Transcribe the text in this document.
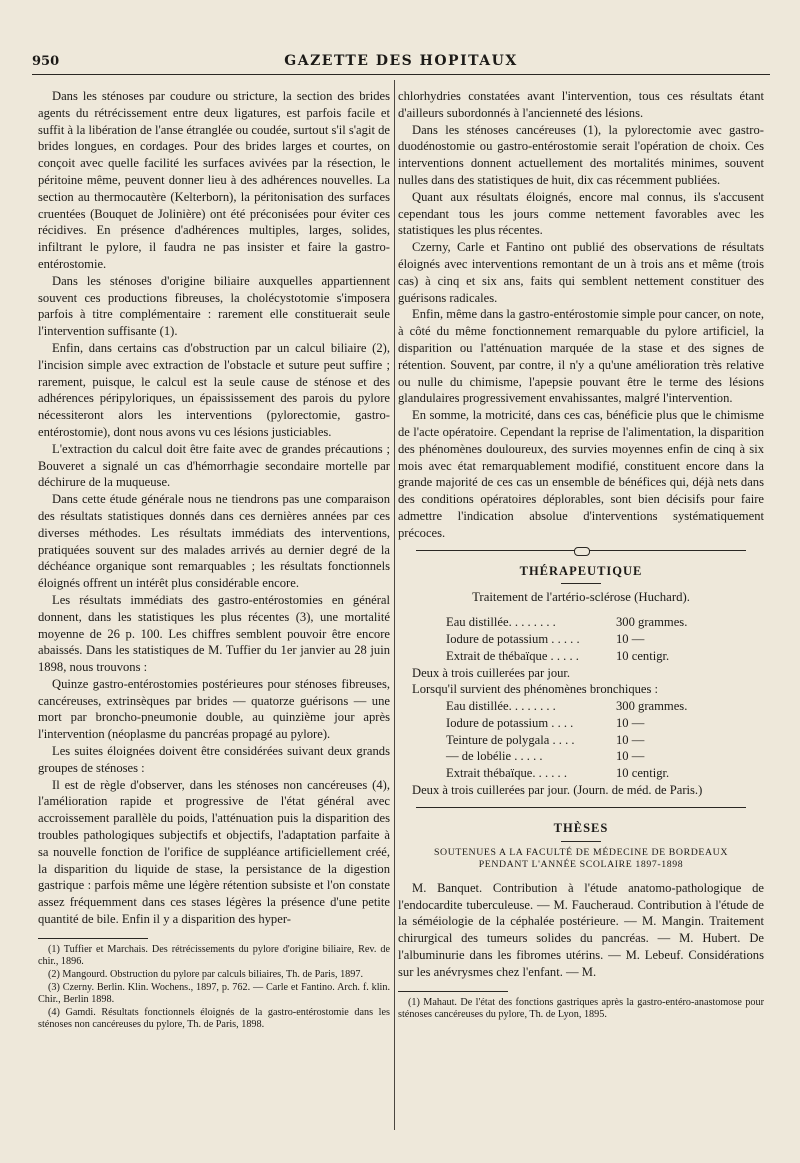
950	GAZETTE DES HOPITAUX

Dans les sténoses par coudure ou stricture, la section des brides agents du rétrécissement entre deux ligatures, est parfois facile et suffit à la libération de l'anse étranglée ou coudée, surtout s'il s'agit de brides longues, en cordages. Pour des brides larges et courtes, on conçoit avec quelle facilité les surfaces avivées par la résection, le péritoine même, peuvent donner lieu à des adhérences nouvelles. La section au thermocautère (Kelterborn), la péritonisation des surfaces cruentées (Bouquet de Jolinière) ont été préconisées pour éviter ces récidives. En présence d'adhérences multiples, larges, solides, infiltrant le pylore, il faudra ne pas insister et faire la gastro-entérostomie.

Dans les sténoses d'origine biliaire auxquelles appartiennent souvent ces productions fibreuses, la cholécystotomie s'imposera parfois à titre complémentaire : rarement elle constituerait seule l'intervention suffisante (1).

Enfin, dans certains cas d'obstruction par un calcul biliaire (2), l'incision simple avec extraction de l'obstacle et suture peut suffire ; rarement, puisque, le calcul est la seule cause de sténose et des adhérences péripyloriques, un épaississement des parois du pylore nécessiteront alors les interventions (pylorectomie, gastro-entérostomie), dont nous avons vu ces lésions justiciables.

L'extraction du calcul doit être faite avec de grandes précautions ; Bouveret a signalé un cas d'hémorrhagie secondaire mortelle par déchirure de la muqueuse.

Dans cette étude générale nous ne tiendrons pas une comparaison des résultats statistiques donnés dans ces dernières années par ces diverses méthodes. Les résultats immédiats des interventions, pratiquées souvent sur des malades arrivés au dernier degré de la déchéance organique sont remarquables ; les résultats fonctionnels éloignés offrent un intérêt plus considérable encore.

Les résultats immédiats des gastro-entérostomies en général donnent, dans les statistiques les plus récentes (3), une mortalité moyenne de 26 p. 100. Les chiffres semblent pouvoir être encore abaissés. Dans les statistiques de M. Tuffier du 1er janvier au 28 juin 1898, nous trouvons :

Quinze gastro-entérostomies postérieures pour sténoses fibreuses, cancéreuses, extrinsèques par brides — quatorze guérisons — une mort par broncho-pneumonie double, au quinzième jour après l'intervention (néoplasme du pancréas propagé au pylore).

Les suites éloignées doivent être considérées suivant deux grands groupes de sténoses :

Il est de règle d'observer, dans les sténoses non cancéreuses (4), l'amélioration rapide et progressive de l'état général avec accroissement parallèle du poids, l'atténuation puis la disparition des troubles pathologiques subjectifs et objectifs, l'adaptation parfaite à sa nouvelle fonction de l'orifice de suppléance artificiellement créé, la disparition du liquide de stase, la persistance de la digestion gastrique : parfois même une légère rétention subsiste et l'on constate assez fréquemment dans ces stases légères la présence d'une petite quantité de bile. Enfin il y a disparition des hyper-

(1) Tuffier et Marchais. Des rétrécissements du pylore d'origine biliaire, Rev. de chir., 1896.

(2) Mangourd. Obstruction du pylore par calculs biliaires, Th. de Paris, 1897.

(3) Czerny. Berlin. Klin. Wochens., 1897, p. 762. — Carle et Fantino. Arch. f. klin. Chir., Berlin 1898.

(4) Gamdi. Résultats fonctionnels éloignés de la gastro-entérostomie dans les sténoses non cancéreuses du pylore, Th. de Paris, 1898.

chlorhydries constatées avant l'intervention, tous ces résultats étant d'ailleurs subordonnés à l'ancienneté des lésions.

Dans les sténoses cancéreuses (1), la pylorectomie avec gastro-duodénostomie ou gastro-entérostomie serait l'opération de choix. Ces interventions donnent actuellement des mortalités minimes, souvent nulles dans des statistiques de huit, dix cas récemment publiées.

Quant aux résultats éloignés, encore mal connus, ils s'accusent cependant tous les jours comme nettement favorables avec les statistiques les plus récentes.

Czerny, Carle et Fantino ont publié des observations de résultats éloignés avec interventions remontant de un à trois ans et même (trois cas) à cinq et six ans, faits qui semblent nettement constituer des guérisons radicales.

Enfin, même dans la gastro-entérostomie simple pour cancer, on note, à côté du même fonctionnement remarquable du pylore artificiel, la disparition ou l'atténuation marquée de la stase et des signes de rétention. Souvent, par contre, il n'y a qu'une amélioration très relative ou nulle du chimisme, l'apepsie pouvant être le terme des lésions glandulaires progressivement envahissantes, malgré l'intervention.

En somme, la motricité, dans ces cas, bénéficie plus que le chimisme de l'acte opératoire. Cependant la reprise de l'alimentation, la disparition des phénomènes douloureux, des survies moyennes enfin de cinq à six mois avec état remarquablement modifié, constituent encore dans la grande majorité de ces cas un ensemble de bénéfices qui, déjà nets dans des conditions opératoires déplorables, sont bien décisifs pour faire admettre l'indication absolue d'interventions systématiquement précoces.

THÉRAPEUTIQUE
Traitement de l'artério-sclérose (Huchard).
Eau distillée. . . . . . . .	300 grammes.
Iodure de potassium . . . . .	10 —
Extrait de thébaïque . . . . .	10 centigr.

Deux à trois cuillerées par jour.

Lorsqu'il survient des phénomènes bronchiques :

Eau distillée. . . . . . . .	300 grammes.
Iodure de potassium . . . .	10 —
Teinture de polygala . . . .	10 —
— de lobélie . . . . .	10 —
Extrait thébaïque. . . . . .	10 centigr.

Deux à trois cuillerées par jour. (Journ. de méd. de Paris.)

THÈSES
SOUTENUES A LA FACULTÉ DE MÉDECINE DE BORDEAUX
PENDANT L'ANNÉE SCOLAIRE 1897-1898

M. Banquet. Contribution à l'étude anatomo-pathologique de l'endocardite tuberculeuse. — M. Faucheraud. Contribution à l'étude de la séméiologie de la céphalée postérieure. — M. Mangin. Traitement chirurgical des tumeurs solides du pancréas. — M. Hubert. De l'albuminurie dans les fibromes utérins. — M. Lebeuf. Considérations sur les anévrysmes chez l'enfant. — M.

(1) Mahaut. De l'état des fonctions gastriques après la gastro-entéro-anastomose pour sténoses cancéreuses du pylore, Th. de Lyon, 1895.
